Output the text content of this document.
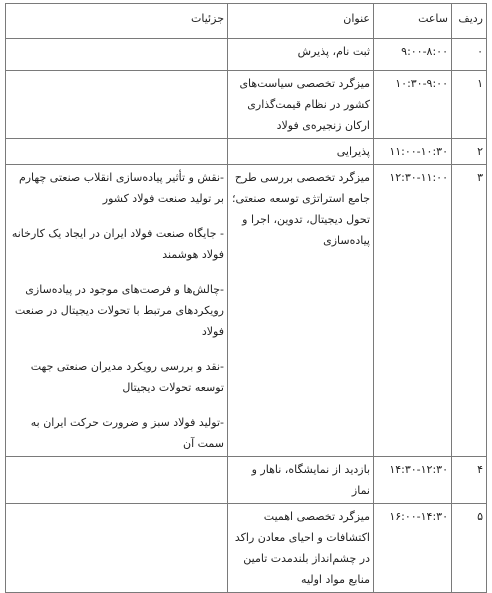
ردیف	ساعت	عنوان	جزئیات
۰	۹:۰۰-۸:۰۰	ثبت نام، پذیرش	
۱	۱۰:۳۰-۹:۰۰	میزگرد تخصصی سیاست‌های کشور در نظام قیمت‌گذاری ارکان زنجیره‌ی فولاد	
۲	۱۱:۰۰-۱۰:۳۰	پذیرایی	
۳	۱۲:۳۰-۱۱:۰۰	میزگرد تخصصی بررسی طرح جامع استراتژی توسعه صنعتی؛ تحول دیجیتال، تدوین، اجرا و پیاده‌سازی	-نقش و تأثیر پیاده‌سازی انقلاب صنعتی چهارم بر تولید صنعت فولاد کشور
- جایگاه صنعت فولاد ایران در ایجاد یک کارخانه فولاد هوشمند
-چالش‌ها و فرصت‌های موجود در پیاده‌سازی رویکردهای مرتبط با تحولات دیجیتال در صنعت فولاد
-نقد و بررسی رویکرد مدیران صنعتی جهت توسعه تحولات دیجیتال
-تولید فولاد سبز و ضرورت حرکت ایران به سمت آن

۴	۱۴:۳۰-۱۲:۳۰	بازدید از نمایشگاه، ناهار و نماز	
۵	۱۶:۰۰-۱۴:۳۰	میزگرد تخصصی اهمیت اکتشافات و احیای معادن راکد در چشم‌انداز بلندمدت تامین منابع مواد اولیه	
